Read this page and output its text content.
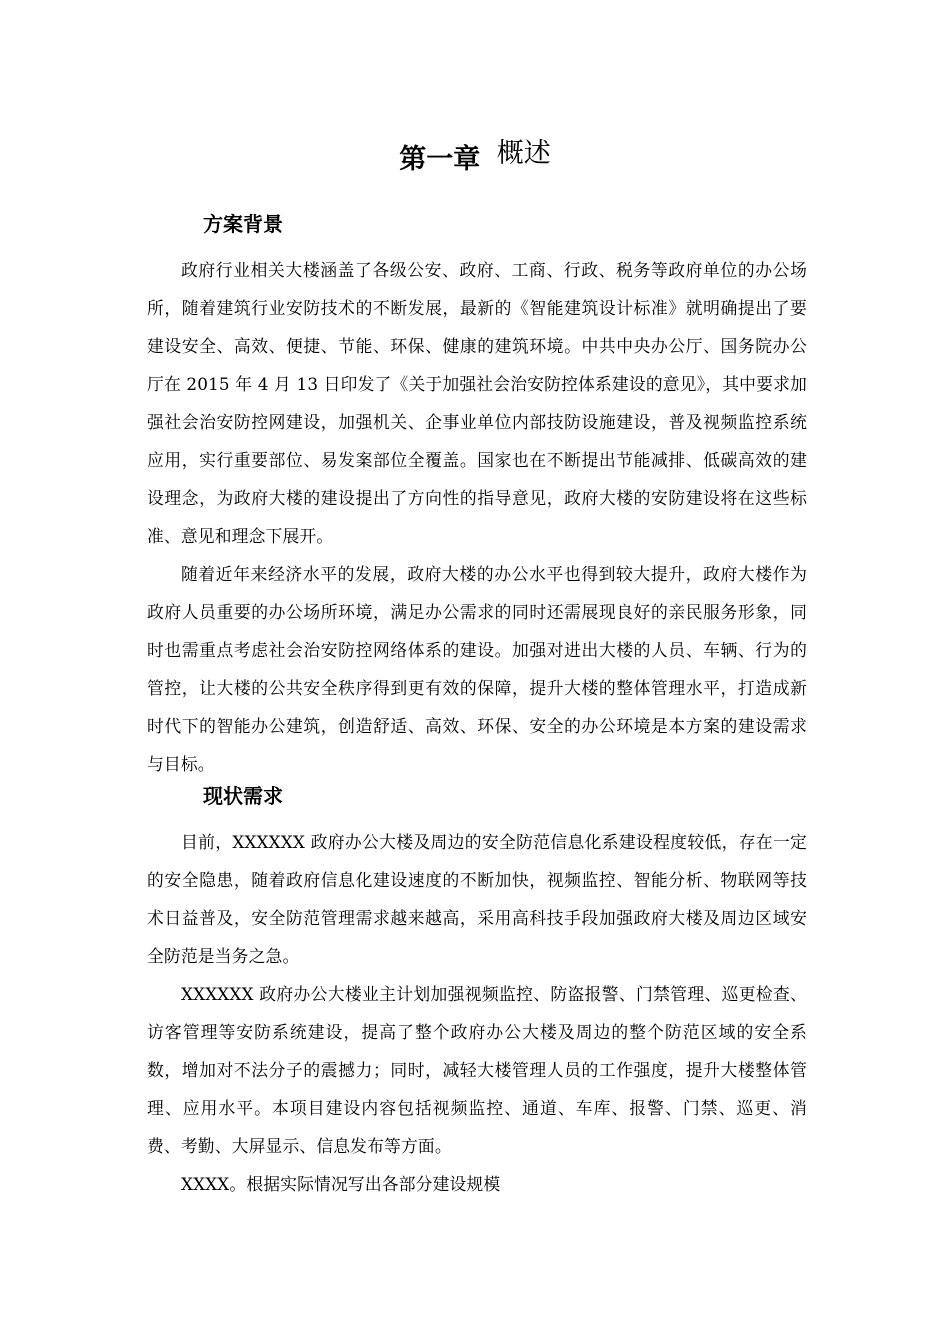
第一章 概述
方案背景

政府行业相关大楼涵盖了各级公安、政府、工商、行政、税务等政府单位的办公场所，随着建筑行业安防技术的不断发展，最新的《智能建筑设计标准》就明确提出了要建设安全、高效、便捷、节能、环保、健康的建筑环境。中共中央办公厅、国务院办公厅在 2015 年 4 月 13 日印发了《关于加强社会治安防控体系建设的意见》，其中要求加强社会治安防控网建设，加强机关、企事业单位内部技防设施建设，普及视频监控系统应用，实行重要部位、易发案部位全覆盖。国家也在不断提出节能减排、低碳高效的建设理念，为政府大楼的建设提出了方向性的指导意见，政府大楼的安防建设将在这些标准、意见和理念下展开。

随着近年来经济水平的发展，政府大楼的办公水平也得到较大提升，政府大楼作为政府人员重要的办公场所环境，满足办公需求的同时还需展现良好的亲民服务形象，同时也需重点考虑社会治安防控网络体系的建设。加强对进出大楼的人员、车辆、行为的管控，让大楼的公共安全秩序得到更有效的保障，提升大楼的整体管理水平，打造成新时代下的智能办公建筑，创造舒适、高效、环保、安全的办公环境是本方案的建设需求与目标。

现状需求

目前，XXXXXX 政府办公大楼及周边的安全防范信息化系建设程度较低，存在一定的安全隐患，随着政府信息化建设速度的不断加快，视频监控、智能分析、物联网等技术日益普及，安全防范管理需求越来越高，采用高科技手段加强政府大楼及周边区域安全防范是当务之急。

XXXXXX 政府办公大楼业主计划加强视频监控、防盗报警、门禁管理、巡更检查、访客管理等安防系统建设，提高了整个政府办公大楼及周边的整个防范区域的安全系数，增加对不法分子的震撼力；同时，减轻大楼管理人员的工作强度，提升大楼整体管理、应用水平。本项目建设内容包括视频监控、通道、车库、报警、门禁、巡更、消费、考勤、大屏显示、信息发布等方面。

XXXX。根据实际情况写出各部分建设规模
